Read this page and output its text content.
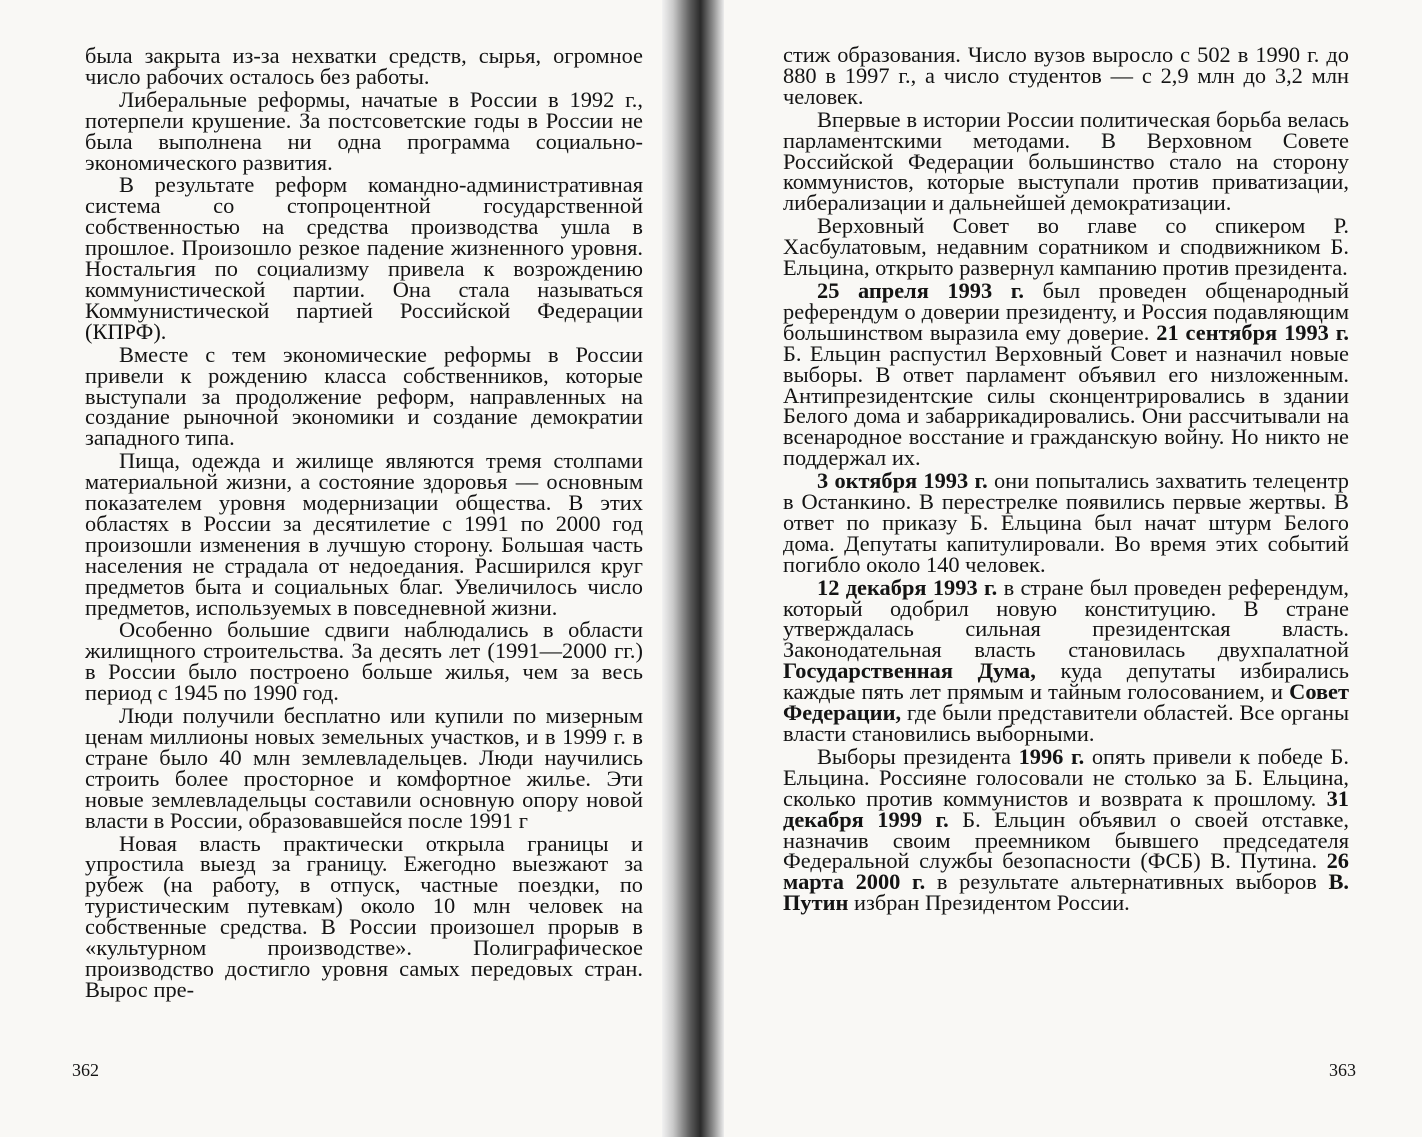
была закрыта из-за нехватки средств, сырья, огромное число рабочих осталось без работы.

Либеральные реформы, начатые в России в 1992 г., потерпели крушение. За постсоветские годы в России не была выполнена ни одна программа социально-экономического развития.

В результате реформ командно-административная система со стопроцентной государственной собственностью на средства производства ушла в прошлое. Произошло резкое падение жизненного уровня. Ностальгия по социализму привела к возрождению коммунистической партии. Она стала называться Коммунистической партией Российской Федерации (КПРФ).

Вместе с тем экономические реформы в России привели к рождению класса собственников, которые выступали за продолжение реформ, направленных на создание рыночной экономики и создание демократии западного типа.

Пища, одежда и жилище являются тремя столпами материальной жизни, а состояние здоровья — основным показателем уровня модернизации общества. В этих областях в России за десятилетие с 1991 по 2000 год произошли изменения в лучшую сторону. Большая часть населения не страдала от недоедания. Расширился круг предметов быта и социальных благ. Увеличилось число предметов, используемых в повседневной жизни.

Особенно большие сдвиги наблюдались в области жилищного строительства. За десять лет (1991—2000 гг.) в России было построено больше жилья, чем за весь период с 1945 по 1990 год.

Люди получили бесплатно или купили по мизерным ценам миллионы новых земельных участков, и в 1999 г. в стране было 40 млн землевладельцев. Люди научились строить более просторное и комфортное жилье. Эти новые землевладельцы составили основную опору новой власти в России, образовавшейся после 1991 г

Новая власть практически открыла границы и упростила выезд за границу. Ежегодно выезжают за рубеж (на работу, в отпуск, частные поездки, по туристическим путевкам) около 10 млн человек на собственные средства. В России произошел прорыв в «культурном производстве». Полиграфическое производство достигло уровня самых передовых стран. Вырос пре-

362

стиж образования. Число вузов выросло с 502 в 1990 г. до 880 в 1997 г., а число студентов — с 2,9 млн до 3,2 млн человек.

Впервые в истории России политическая борьба велась парламентскими методами. В Верховном Совете Российской Федерации большинство стало на сторону коммунистов, которые выступали против приватизации, либерализации и дальнейшей демократизации.

Верховный Совет во главе со спикером Р. Хасбулатовым, недавним соратником и сподвижником Б. Ельцина, открыто развернул кампанию против президента.

25 апреля 1993 г. был проведен общенародный референдум о доверии президенту, и Россия подавляющим большинством выразила ему доверие. 21 сентября 1993 г. Б. Ельцин распустил Верховный Совет и назначил новые выборы. В ответ парламент объявил его низложенным. Антипрезидентские силы сконцентрировались в здании Белого дома и забаррикадировались. Они рассчитывали на всенародное восстание и гражданскую войну. Но никто не поддержал их.

3 октября 1993 г. они попытались захватить телецентр в Останкино. В перестрелке появились первые жертвы. В ответ по приказу Б. Ельцина был начат штурм Белого дома. Депутаты капитулировали. Во время этих событий погибло около 140 человек.

12 декабря 1993 г. в стране был проведен референдум, который одобрил новую конституцию. В стране утверждалась сильная президентская власть. Законодательная власть становилась двухпалатной Государственная Дума, куда депутаты избирались каждые пять лет прямым и тайным голосованием, и Совет Федерации, где были представители областей. Все органы власти становились выборными.

Выборы президента 1996 г. опять привели к победе Б. Ельцина. Россияне голосовали не столько за Б. Ельцина, сколько против коммунистов и возврата к прошлому. 31 декабря 1999 г. Б. Ельцин объявил о своей отставке, назначив своим преемником бывшего председателя Федеральной службы безопасности (ФСБ) В. Путина. 26 марта 2000 г. в результате альтернативных выборов В. Путин избран Президентом России.

363
